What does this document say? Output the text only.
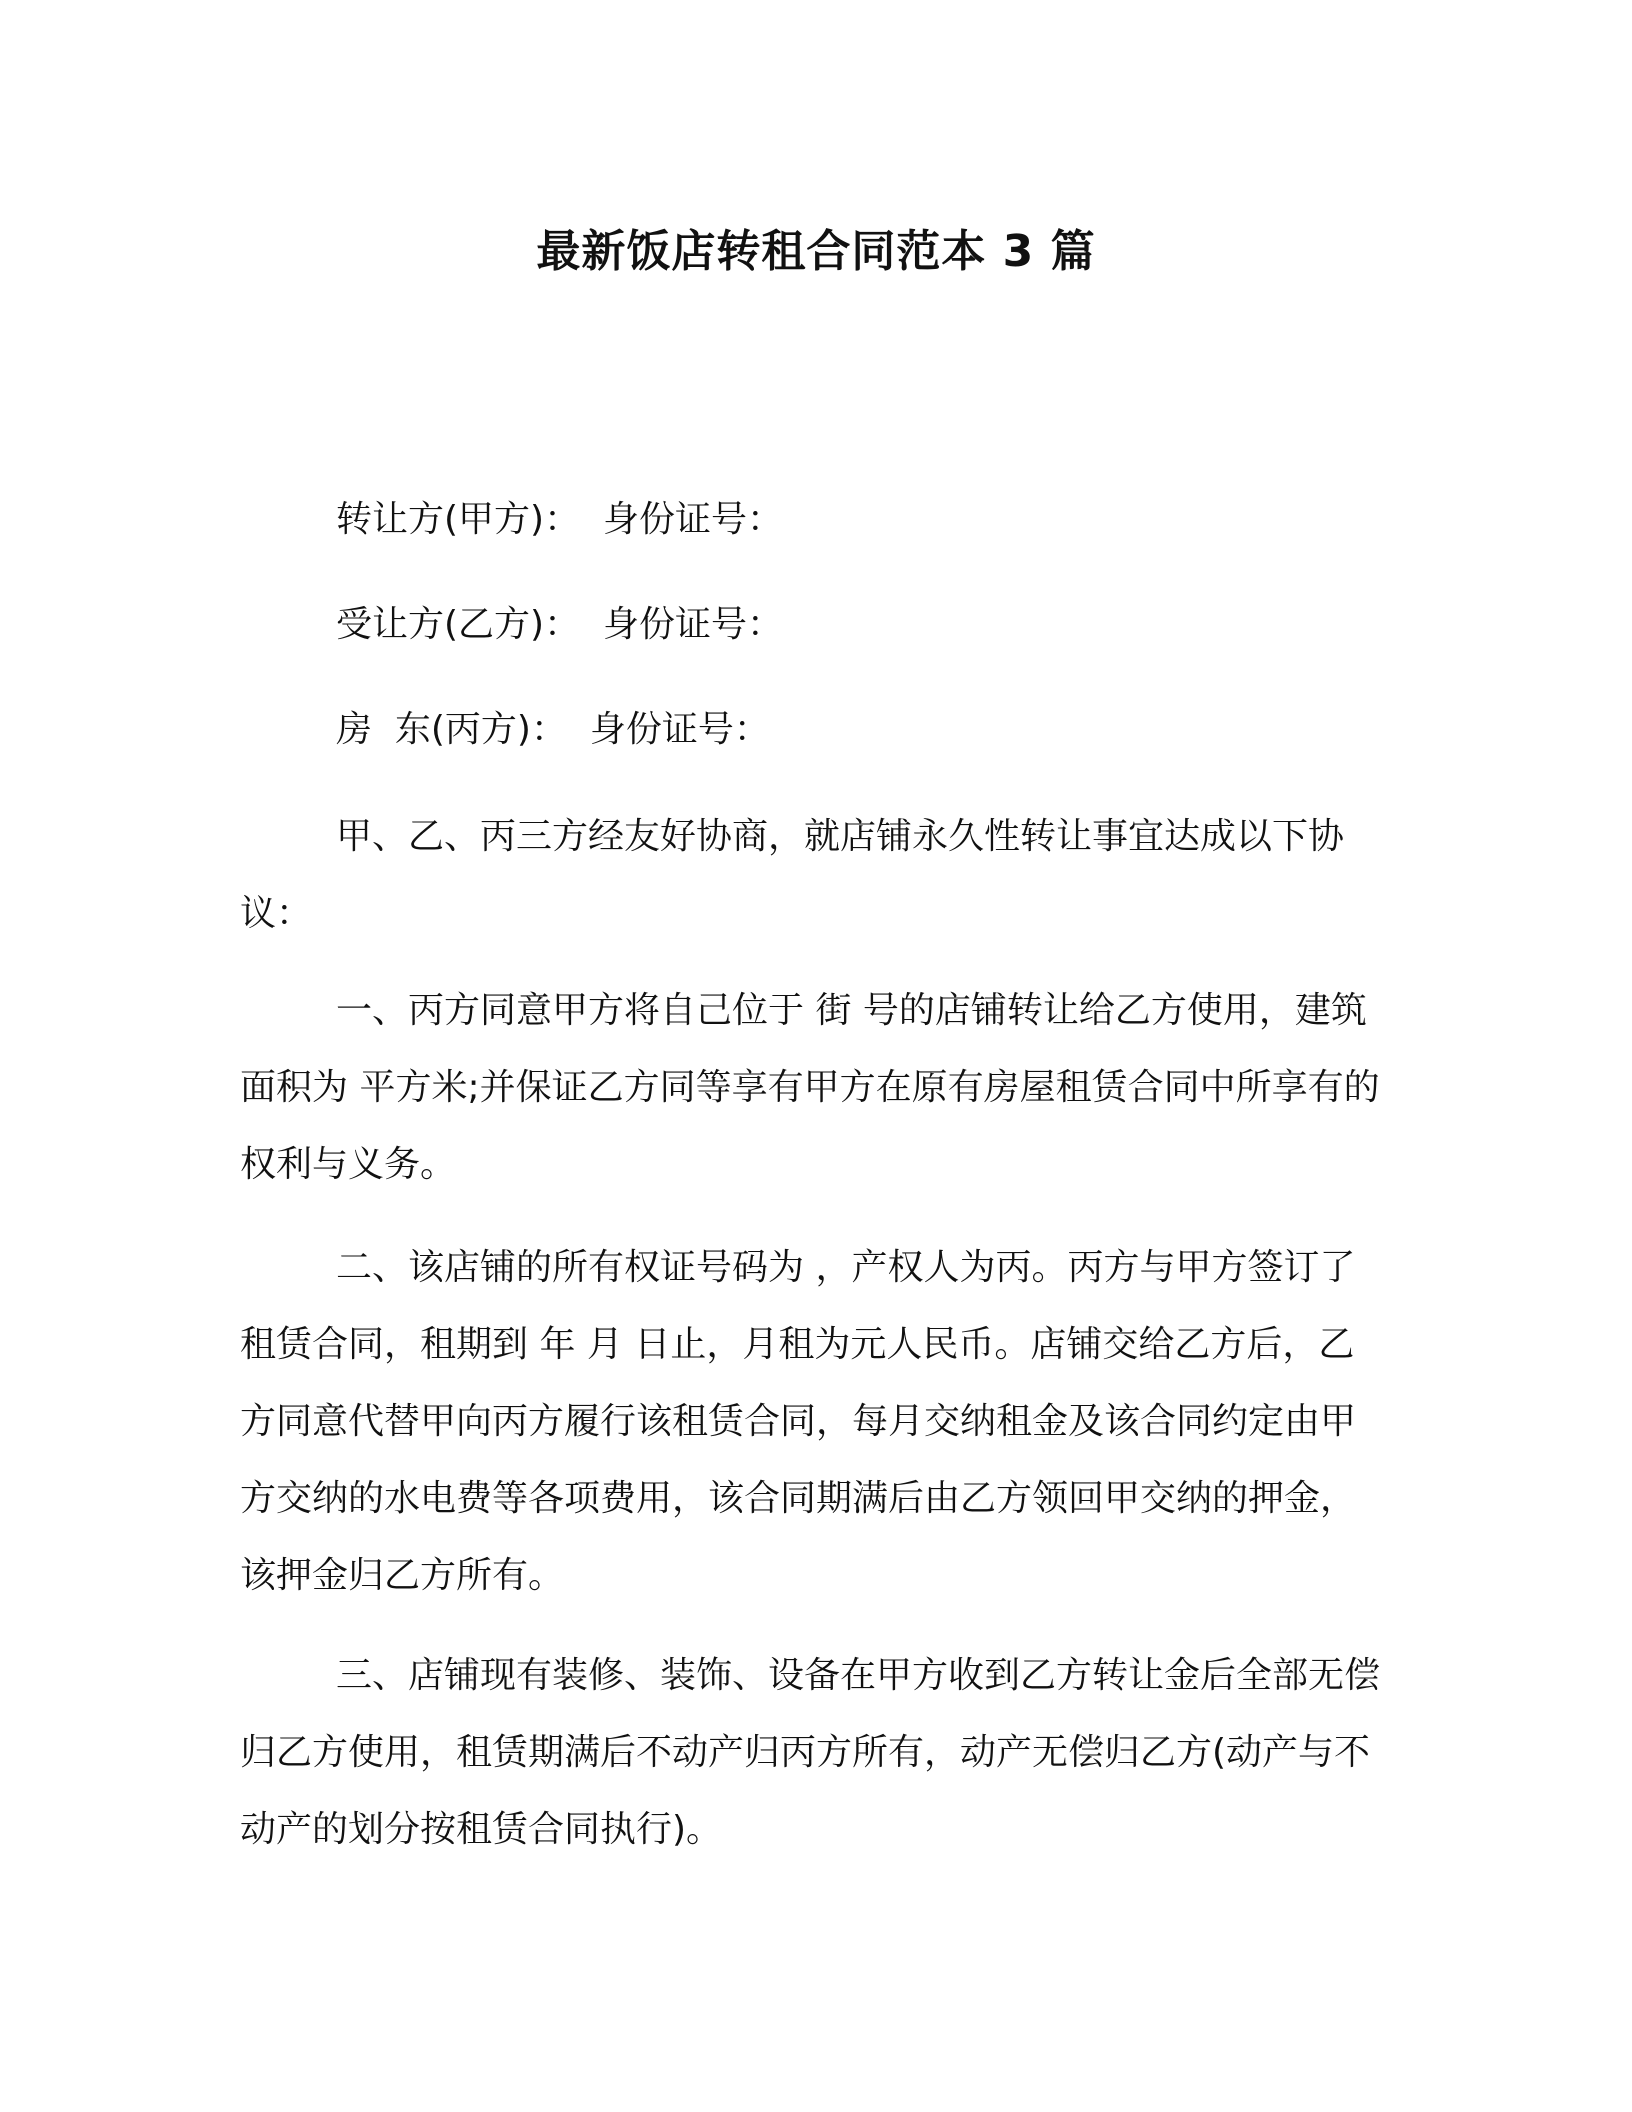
最新饭店转租合同范本 3 篇

转让方(甲方)：  身份证号：

受让方(乙方)：  身份证号：

房  东(丙方)：  身份证号：

甲、乙、丙三方经友好协商，就店铺永久性转让事宜达成以下协议：

一、丙方同意甲方将自己位于 街 号的店铺转让给乙方使用，建筑面积为 平方米;并保证乙方同等享有甲方在原有房屋租赁合同中所享有的权利与义务。

二、该店铺的所有权证号码为 ，产权人为丙。丙方与甲方签订了租赁合同，租期到 年 月 日止，月租为元人民币。店铺交给乙方后，乙方同意代替甲向丙方履行该租赁合同，每月交纳租金及该合同约定由甲方交纳的水电费等各项费用，该合同期满后由乙方领回甲交纳的押金，该押金归乙方所有。

三、店铺现有装修、装饰、设备在甲方收到乙方转让金后全部无偿归乙方使用，租赁期满后不动产归丙方所有，动产无偿归乙方(动产与不动产的划分按租赁合同执行)。
